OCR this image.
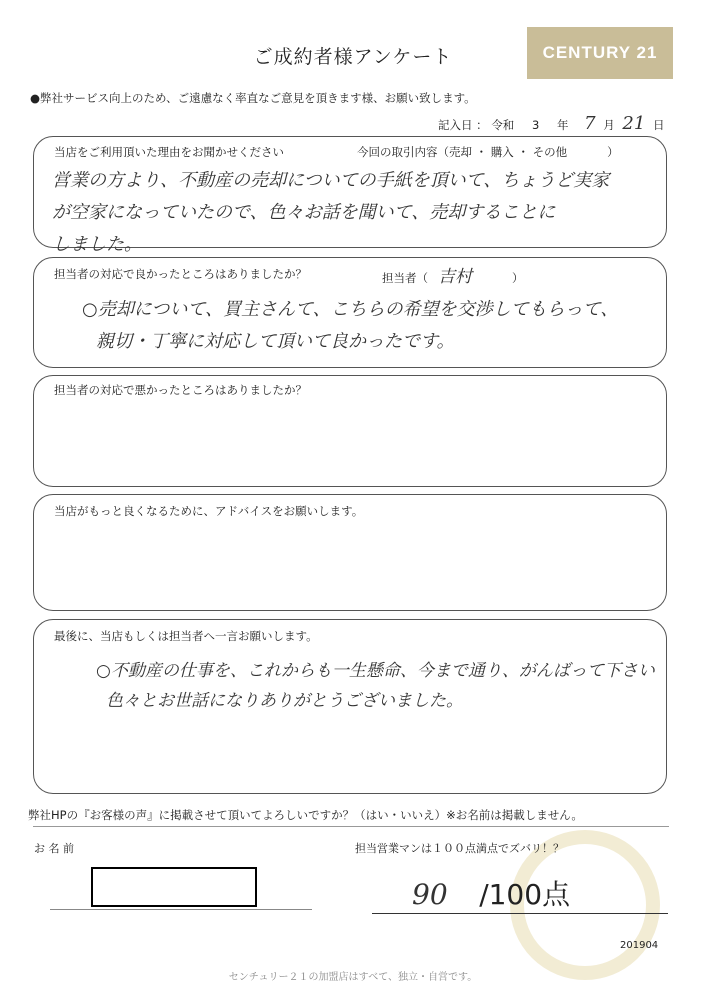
ご成約者様アンケート	CENTURY 21
●弊社サービス向上のため、ご遠慮なく率直なご意見を頂きます様、お願い致します。
記入日 ： 令和 3 年 7 月 21 日
当店をご利用頂いた理由をお聞かせください	今回の取引内容（売却 ・ 購入 ・ その他	）
営業の方より、不動産の売却についての手紙を頂いて、ちょうど実家
が空家になっていたので、色々お話を聞いて、売却することに
しました。
担当者の対応で良かったところはありましたか？	担当者（ 吉村	）
○売却について、買主さんて、こちらの希望を交渉してもらって、
親切・丁寧に対応して頂いて良かったです。
担当者の対応で悪かったところはありましたか？
当店がもっと良くなるために、アドバイスをお願いします。
最後に、当店もしくは担当者へ一言お願いします。
○不動産の仕事を、これからも一生懸命、今まで通り、がんばって下さい
色々とお世話になりありがとうございました。
弊社HPの『お客様の声』に掲載させて頂いてよろしいですか？（はい・いいえ）※お名前は掲載しません。
お 名 前	担当営業マンは１００点満点でズバリ！？
90 /100点
201904
センチュリー２１の加盟店はすべて、独立・自営です。
